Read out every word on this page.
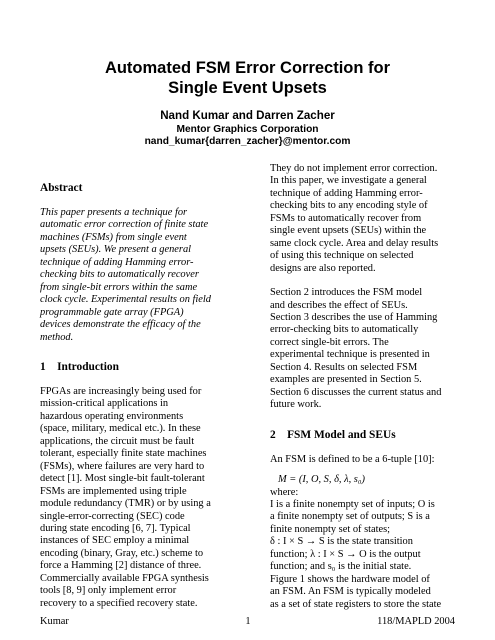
Automated FSM Error Correction for
Single Event Upsets
Nand Kumar and Darren Zacher
Mentor Graphics Corporation
nand_kumar{darren_zacher}@mentor.com
Abstract
This paper presents a technique for
automatic error correction of finite state
machines (FSMs) from single event
upsets (SEUs). We present a general
technique of adding Hamming error-
checking bits to automatically recover
from single-bit errors within the same
clock cycle. Experimental results on field
programmable gate array (FPGA)
devices demonstrate the efficacy of the
method.
1    Introduction
FPGAs are increasingly being used for
mission-critical applications in
hazardous operating environments
(space, military, medical etc.). In these
applications, the circuit must be fault
tolerant, especially finite state machines
(FSMs), where failures are very hard to
detect [1]. Most single-bit fault-tolerant
FSMs are implemented using triple
module redundancy (TMR) or by using a
single-error-correcting (SEC) code
during state encoding [6, 7]. Typical
instances of SEC employ a minimal
encoding (binary, Gray, etc.) scheme to
force a Hamming [2] distance of three.
Commercially available FPGA synthesis
tools [8, 9] only implement error
recovery to a specified recovery state.
They do not implement error correction.
In this paper, we investigate a general
technique of adding Hamming error-
checking bits to any encoding style of
FSMs to automatically recover from
single event upsets (SEUs) within the
same clock cycle. Area and delay results
of using this technique on selected
designs are also reported.
Section 2 introduces the FSM model
and describes the effect of SEUs.
Section 3 describes the use of Hamming
error-checking bits to automatically
correct single-bit errors. The
experimental technique is presented in
Section 4. Results on selected FSM
examples are presented in Section 5.
Section 6 discusses the current status and
future work.
2    FSM Model and SEUs
An FSM is defined to be a 6-tuple [10]:
M = (I, O, S, δ, λ, s₀)
where:
I is a finite nonempty set of inputs; O is
a finite nonempty set of outputs; S is a
finite nonempty set of states;
δ : I × S → S is the state transition
function; λ : I × S → O is the output
function; and s₀ is the initial state.
Figure 1 shows the hardware model of
an FSM. An FSM is typically modeled
as a set of state registers to store the state
Kumar	1	118/MAPLD 2004
